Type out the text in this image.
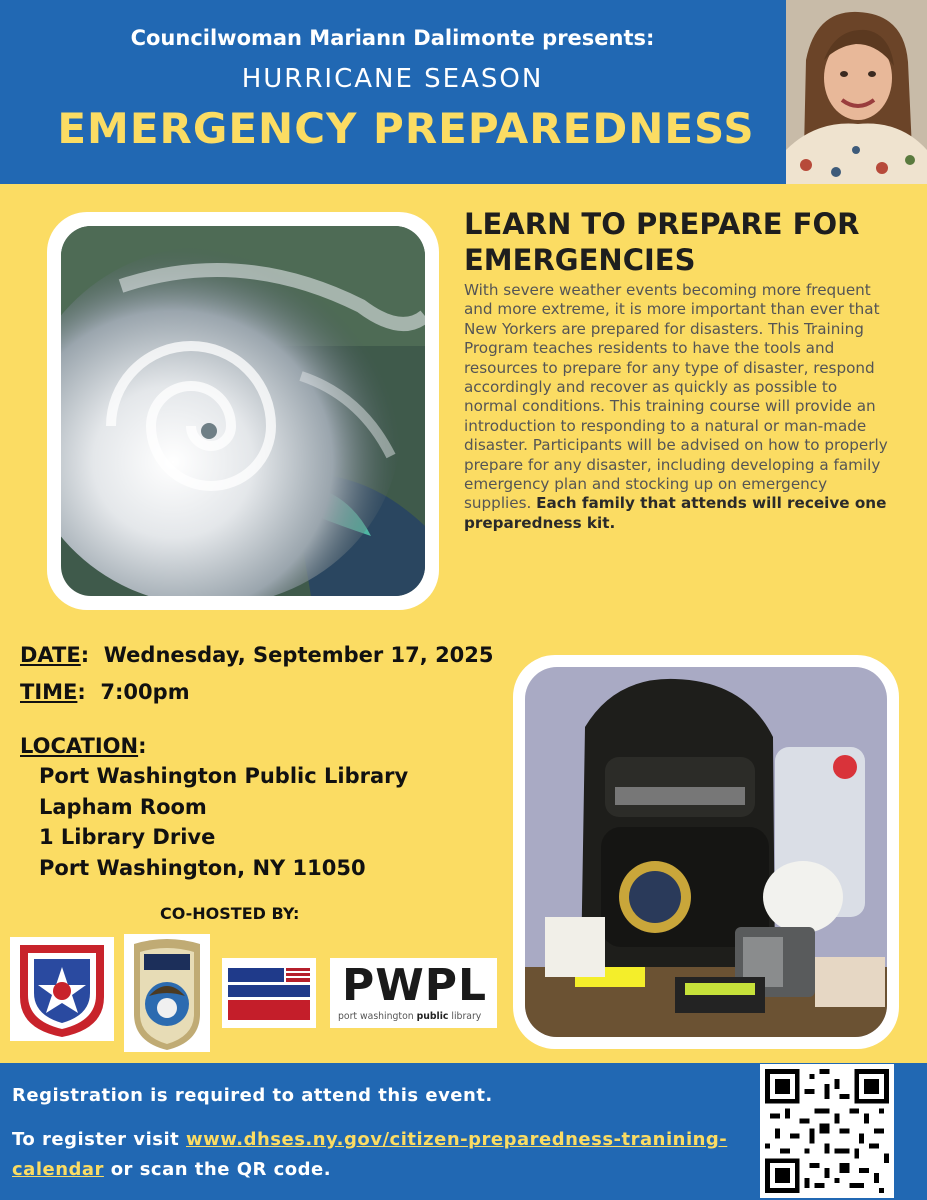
Councilwoman Mariann Dalimonte presents:
HURRICANE SEASON
EMERGENCY PREPAREDNESS
LEARN TO PREPARE FOR
EMERGENCIES
With severe weather events becoming more frequent and more extreme, it is more important than ever that New Yorkers are prepared for disasters. This Training Program teaches residents to have the tools and resources to prepare for any type of disaster, respond accordingly and recover as quickly as possible to normal conditions. This training course will provide an introduction to responding to a natural or man-made disaster. Participants will be advised on how to properly prepare for any disaster, including developing a family emergency plan and stocking up on emergency supplies. Each family that attends will receive one preparedness kit.
DATE:  Wednesday, September 17, 2025
TIME:  7:00pm
LOCATION:
Port Washington Public Library
Lapham Room
1 Library Drive
Port Washington, NY 11050
CO-HOSTED BY:
PWPL
port washington public library
Registration is required to attend this event.
To register visit www.dhses.ny.gov/citizen-preparedness-tranining-calendar or scan the QR code.
